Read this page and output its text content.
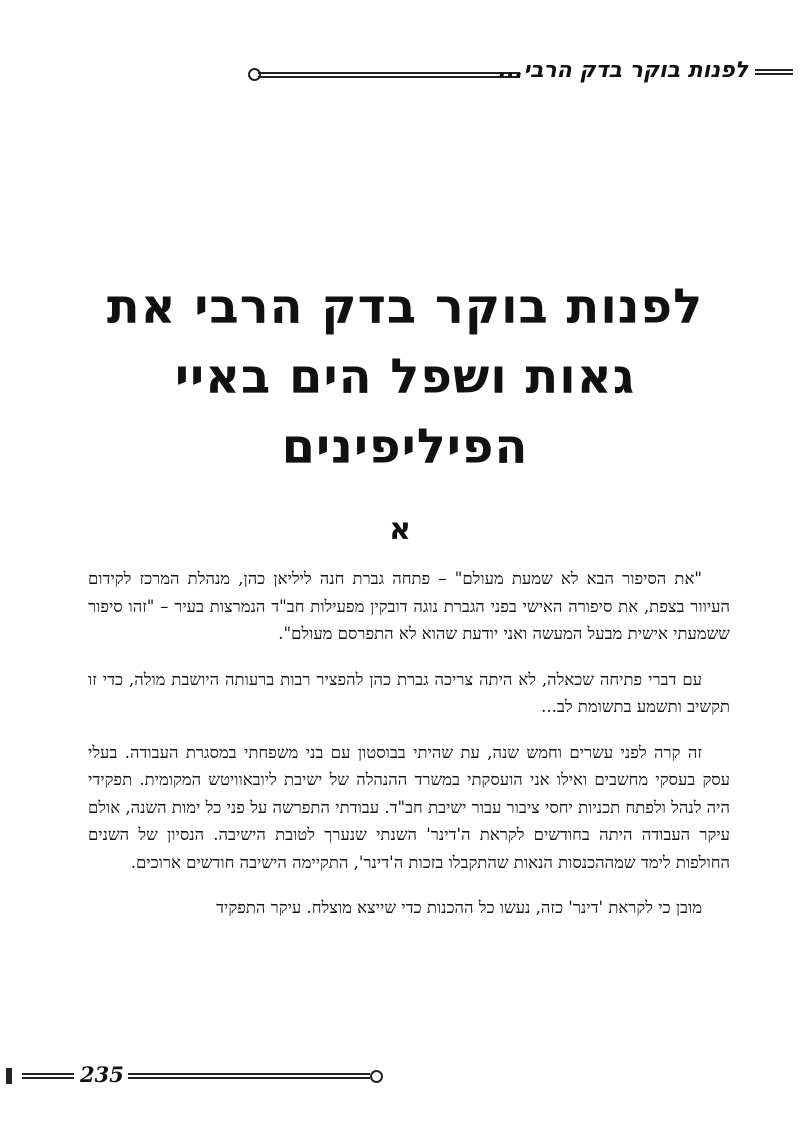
לפנות בוקר בדק הרבי...
לפנות בוקר בדק הרבי את
גאות ושפל הים באיי הפיליפינים
א

"את הסיפור הבא לא שמעת מעולם" – פתחה גברת חנה ליליאן כהן, מנהלת המרכז לקידום העיוור בצפת, את סיפורה האישי בפני הגברת נוגה דובקין מפעילות חב"ד הנמרצות בעיר – "זהו סיפור ששמעתי אישית מבעל המעשה ואני יודעת שהוא לא התפרסם מעולם".

עם דברי פתיחה שכאלה, לא היתה צריכה גברת כהן להפציר רבות ברעותה היושבת מולה, כדי זו תקשיב ותשמע בתשומת לב...

זה קרה לפני עשרים וחמש שנה, עת שהיתי בבוסטון עם בני משפחתי במסגרת העבודה. בעלי עסק בעסקי מחשבים ואילו אני הועסקתי במשרד ההנהלה של ישיבת ליובאוויטש המקומית. תפקידי היה לנהל ולפתח תכניות יחסי ציבור עבור ישיבת חב"ד. עבודתי התפרשה על פני כל ימות השנה, אולם עיקר העבודה היתה בחודשים לקראת ה'דינר' השנתי שנערך לטובת הישיבה. הנסיון של השנים החולפות לימד שמההכנסות הנאות שהתקבלו בזכות ה'דינר', התקיימה הישיבה חודשים ארוכים.

מובן כי לקראת 'דינר' כזה, נעשו כל ההכנות כדי שייצא מוצלח. עיקר התפקיד

235
